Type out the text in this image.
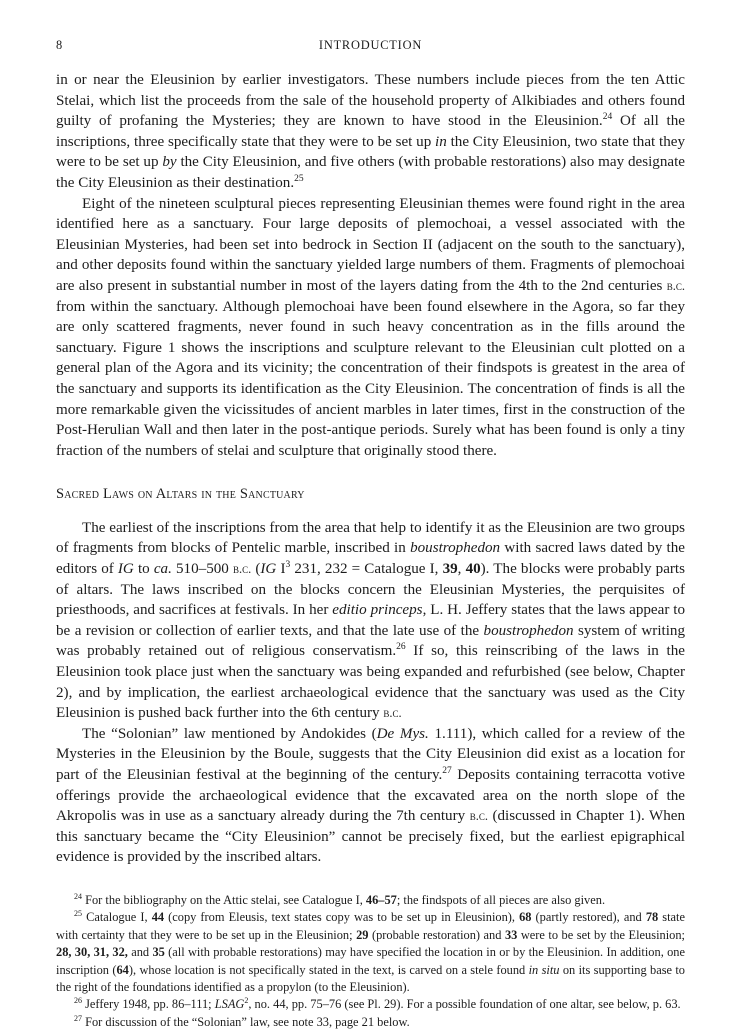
8	INTRODUCTION

in or near the Eleusinion by earlier investigators. These numbers include pieces from the ten Attic Stelai, which list the proceeds from the sale of the household property of Alkibiades and others found guilty of profaning the Mysteries; they are known to have stood in the Eleusinion.$^{24}$ Of all the inscriptions, three specifically state that they were to be set up in the City Eleusinion, two state that they were to be set up by the City Eleusinion, and five others (with probable restorations) also may designate the City Eleusinion as their destination.$^{25}$

Eight of the nineteen sculptural pieces representing Eleusinian themes were found right in the area identified here as a sanctuary. Four large deposits of plemochoai, a vessel associated with the Eleusinian Mysteries, had been set into bedrock in Section ΙΙ (adjacent on the south to the sanctuary), and other deposits found within the sanctuary yielded large numbers of them. Fragments of plemochoai are also present in substantial number in most of the layers dating from the 4th to the 2nd centuries b.c. from within the sanctuary. Although plemochoai have been found elsewhere in the Agora, so far they are only scattered fragments, never found in such heavy concentration as in the fills around the sanctuary. Figure 1 shows the inscriptions and sculpture relevant to the Eleusinian cult plotted on a general plan of the Agora and its vicinity; the concentration of their findspots is greatest in the area of the sanctuary and supports its identification as the City Eleusinion. The concentration of finds is all the more remarkable given the vicissitudes of ancient marbles in later times, first in the construction of the Post-Herulian Wall and then later in the post-antique periods. Surely what has been found is only a tiny fraction of the numbers of stelai and sculpture that originally stood there.

Sacred Laws on Altars in the Sanctuary

The earliest of the inscriptions from the area that help to identify it as the Eleusinion are two groups of fragments from blocks of Pentelic marble, inscribed in boustrophedon with sacred laws dated by the editors of IG to ca. 510–500 b.c. (IG $I^3$ 231, 232 = Catalogue I, 39, 40). The blocks were probably parts of altars. The laws inscribed on the blocks concern the Eleusinian Mysteries, the perquisites of priesthoods, and sacrifices at festivals. In her editio princeps, L. H. Jeffery states that the laws appear to be a revision or collection of earlier texts, and that the late use of the boustrophedon system of writing was probably retained out of religious conservatism.$^{26}$ If so, this reinscribing of the laws in the Eleusinion took place just when the sanctuary was being expanded and refurbished (see below, Chapter 2), and by implication, the earliest archaeological evidence that the sanctuary was used as the City Eleusinion is pushed back further into the 6th century b.c.

The “Solonian” law mentioned by Andokides (De Mys. 1.111), which called for a review of the Mysteries in the Eleusinion by the Boule, suggests that the City Eleusinion did exist as a location for part of the Eleusinian festival at the beginning of the century.$^{27}$ Deposits containing terracotta votive offerings provide the archaeological evidence that the excavated area on the north slope of the Akropolis was in use as a sanctuary already during the 7th century b.c. (discussed in Chapter 1). When this sanctuary became the “City Eleusinion” cannot be precisely fixed, but the earliest epigraphical evidence is provided by the inscribed altars.

$^{24}$ For the bibliography on the Attic stelai, see Catalogue I, 46–57; the findspots of all pieces are also given.

$^{25}$ Catalogue I, 44 (copy from Eleusis, text states copy was to be set up in Eleusinion), 68 (partly restored), and 78 state with certainty that they were to be set up in the Eleusinion; 29 (probable restoration) and 33 were to be set by the Eleusinion; 28, 30, 31, 32, and 35 (all with probable restorations) may have specified the location in or by the Eleusinion. In addition, one inscription (64), whose location is not specifically stated in the text, is carved on a stele found in situ on its supporting base to the right of the foundations identified as a propylon (to the Eleusinion).

$^{26}$ Jeffery 1948, pp. 86–111; LSAG$^2$, no. 44, pp. 75–76 (see Pl. 29). For a possible foundation of one altar, see below, p. 63.

$^{27}$ For discussion of the “Solonian” law, see note 33, page 21 below.
